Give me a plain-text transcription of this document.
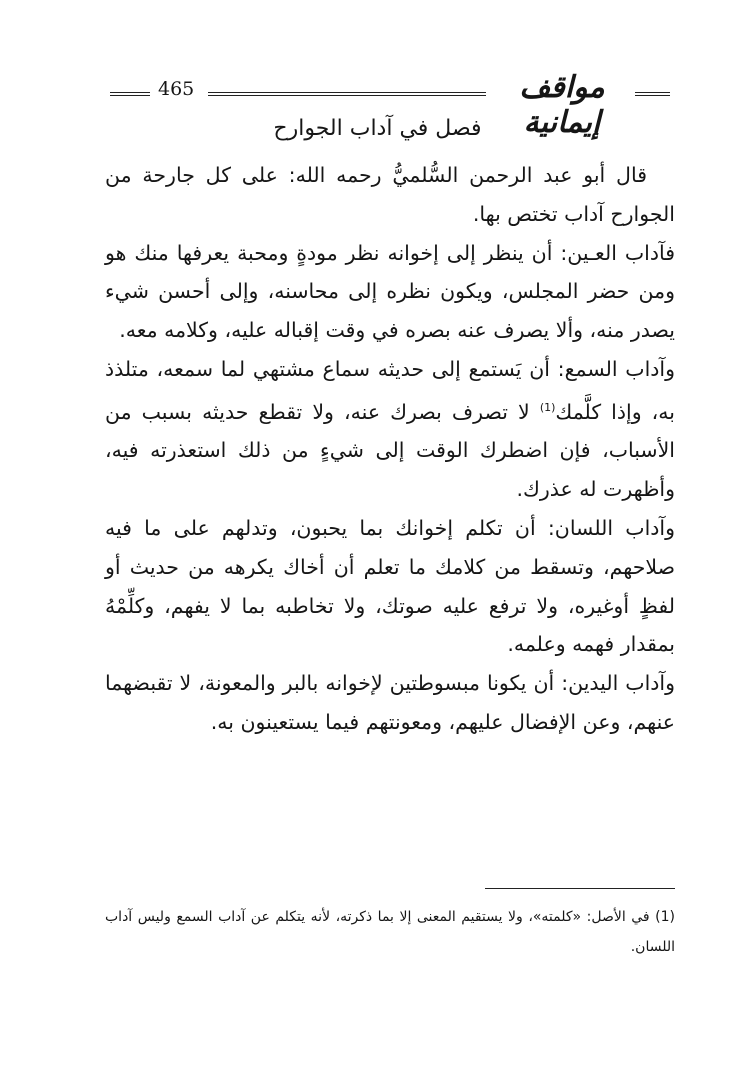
465	مواقف إيمانية
فصل في آداب الجوارح

قال أبو عبد الرحمن السُّلميُّ رحمه الله: على كل جارحة من الجوارح آداب تختص بها.

فآداب العـين: أن ينظر إلى إخوانه نظر مودةٍ ومحبة يعرفها منك هو ومن حضر المجلس، ويكون نظره إلى محاسنه، وإلى أحسن شيء يصدر منه، وألا يصرف عنه بصره في وقت إقباله عليه، وكلامه معه.

وآداب السمع: أن يَستمع إلى حديثه سماع مشتهي لما سمعه، متلذذ به، وإذا كلَّمك$^{(1)}$ لا تصرف بصرك عنه، ولا تقطع حديثه بسبب من الأسباب، فإن اضطرك الوقت إلى شيءٍ من ذلك استعذرته فيه، وأظهرت له عذرك.

وآداب اللسان: أن تكلم إخوانك بما يحبون، وتدلهم على ما فيه صلاحهم، وتسقط من كلامك ما تعلم أن أخاك يكرهه من حديث أو لفظٍ أوغيره، ولا ترفع عليه صوتك، ولا تخاطبه بما لا يفهم، وكلِّمْهُ بمقدار فهمه وعلمه.

وآداب اليدين: أن يكونا مبسوطتين لإخوانه بالبر والمعونة، لا تقبضهما عنهم، وعن الإفضال عليهم، ومعونتهم فيما يستعينون به.

(1) في الأصل: «كلمته»، ولا يستقيم المعنى إلا بما ذكرته، لأنه يتكلم عن آداب السمع وليس آداب اللسان.
